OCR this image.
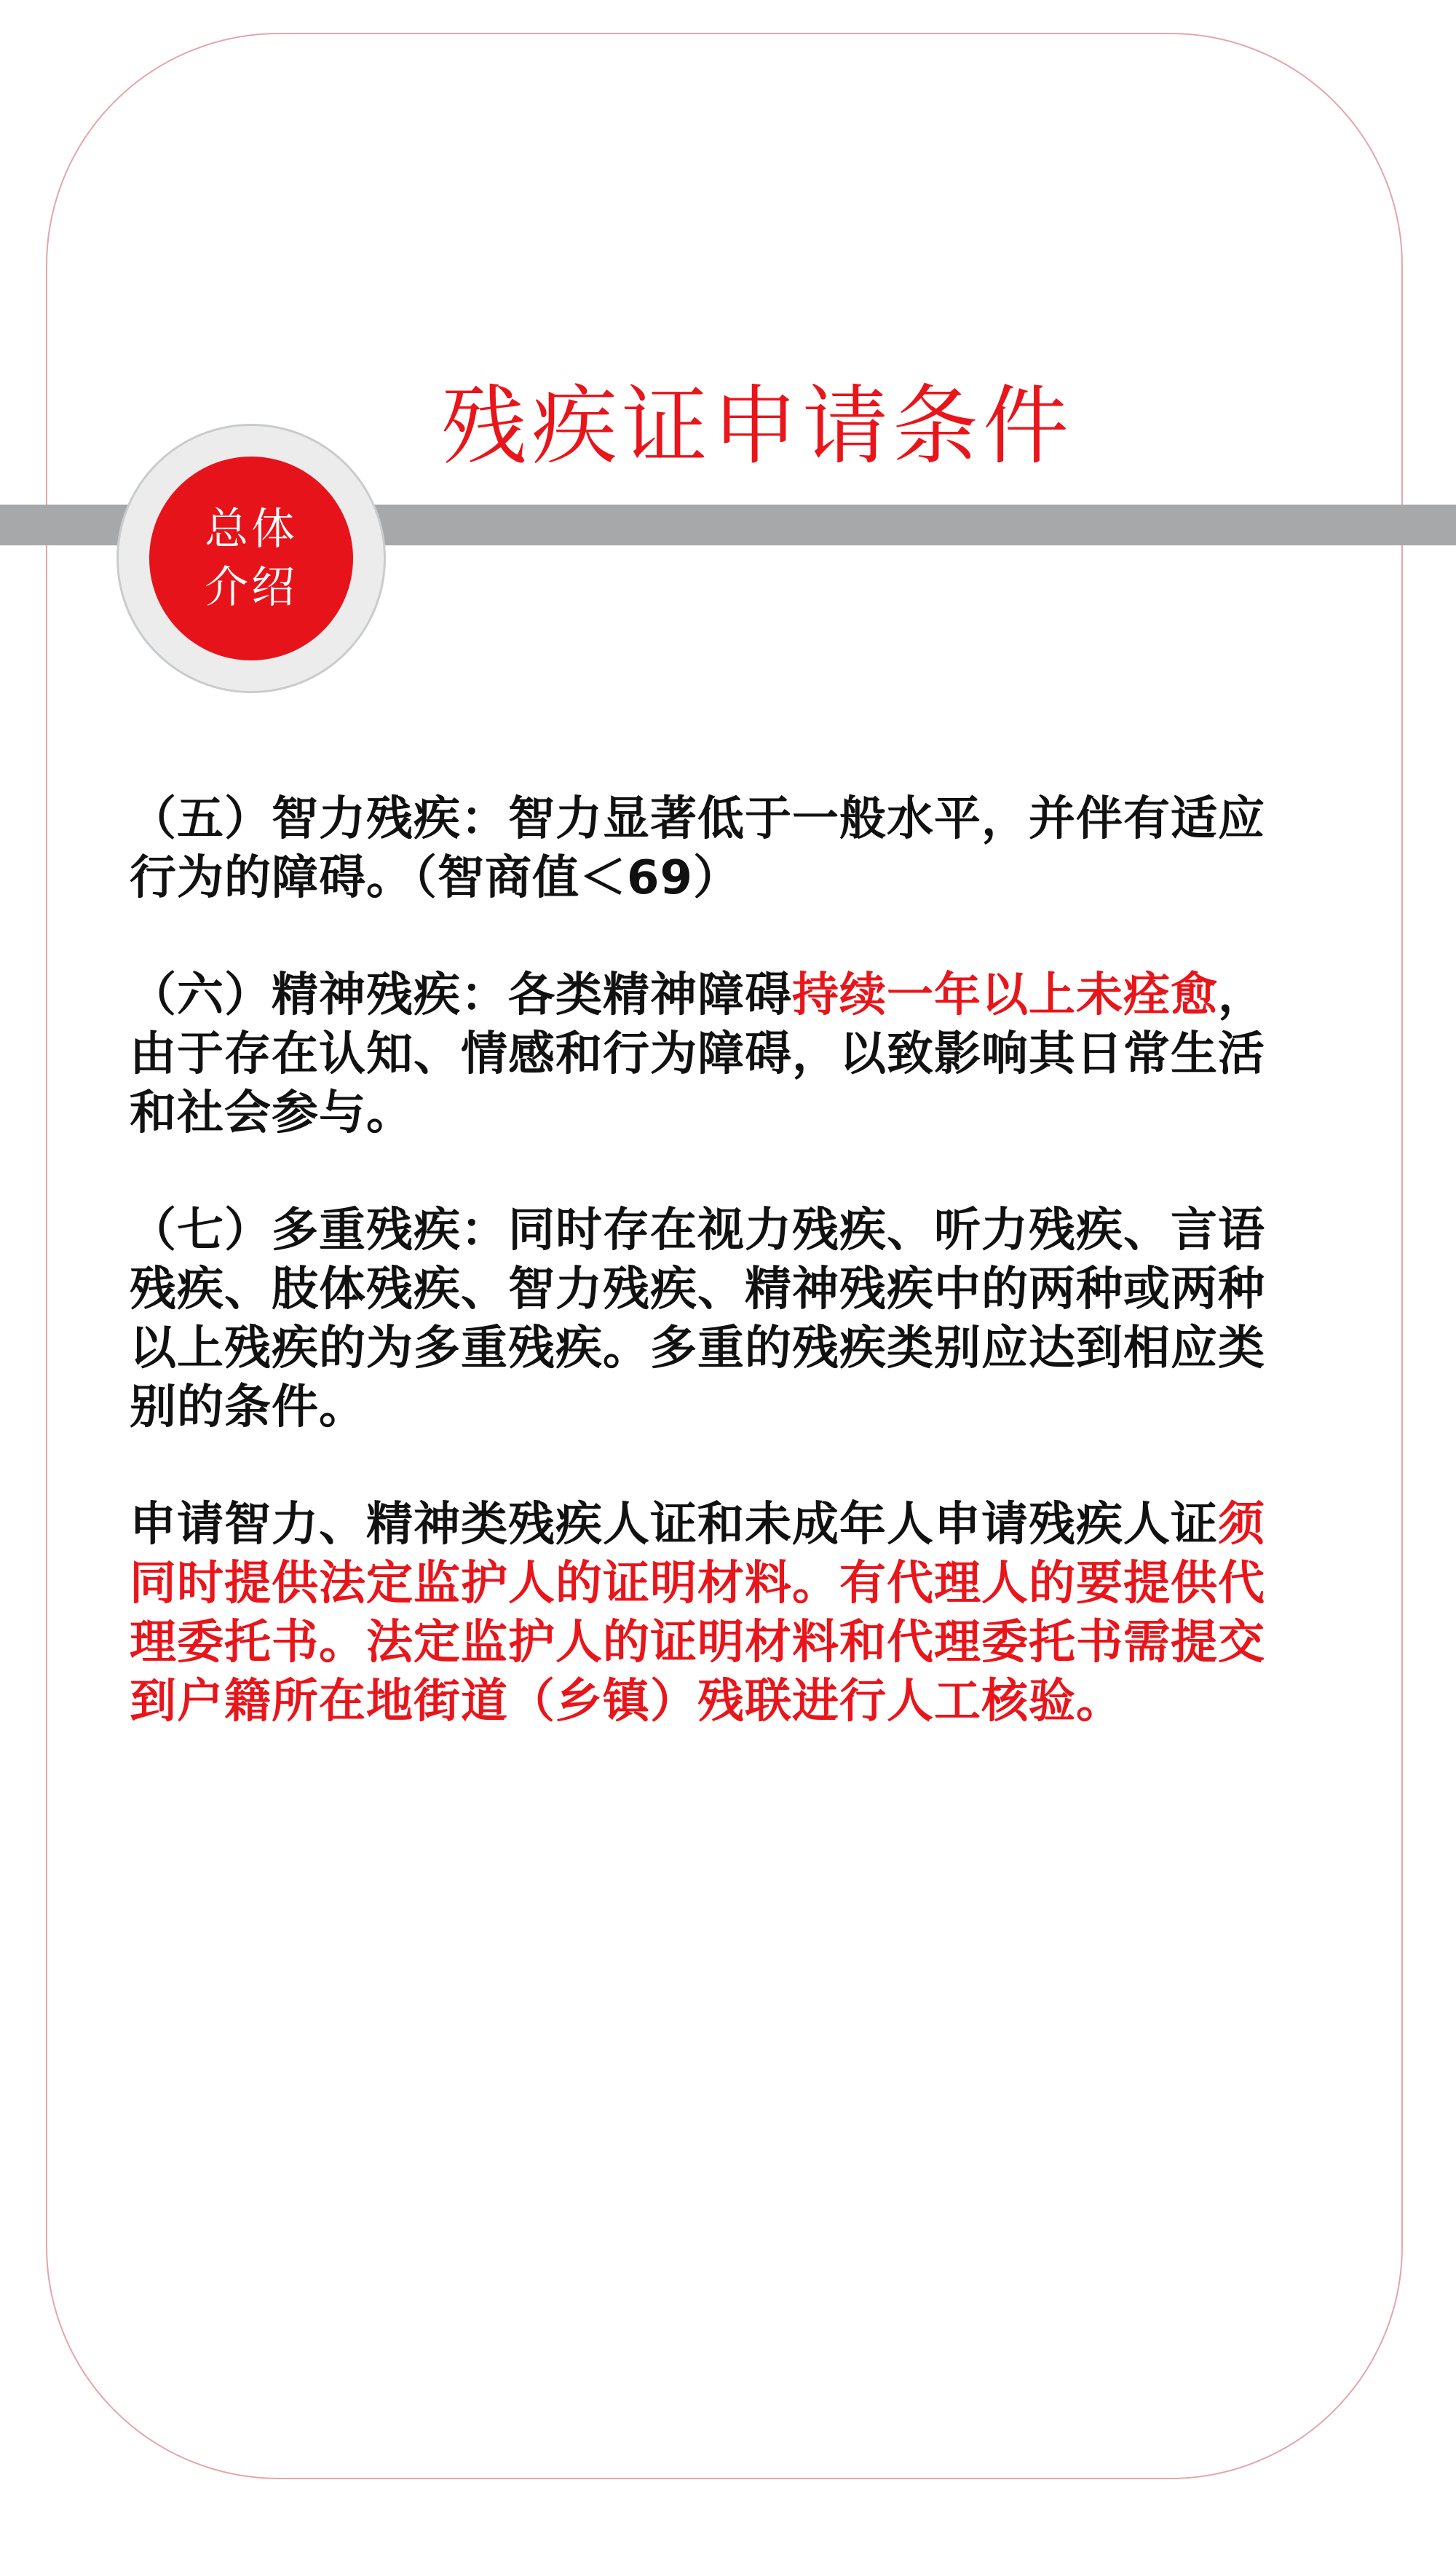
残疾证申请条件
总体
介绍

（五）智力残疾：智力显著低于一般水平，并伴有适应行为的障碍。（智商值＜69）

（六）精神残疾：各类精神障碍持续一年以上未痊愈，由于存在认知、情感和行为障碍，以致影响其日常生活和社会参与。

（七）多重残疾：同时存在视力残疾、听力残疾、言语残疾、肢体残疾、智力残疾、精神残疾中的两种或两种以上残疾的为多重残疾。多重的残疾类别应达到相应类别的条件。

申请智力、精神类残疾人证和未成年人申请残疾人证须同时提供法定监护人的证明材料。有代理人的要提供代理委托书。法定监护人的证明材料和代理委托书需提交到户籍所在地街道（乡镇）残联进行人工核验。
